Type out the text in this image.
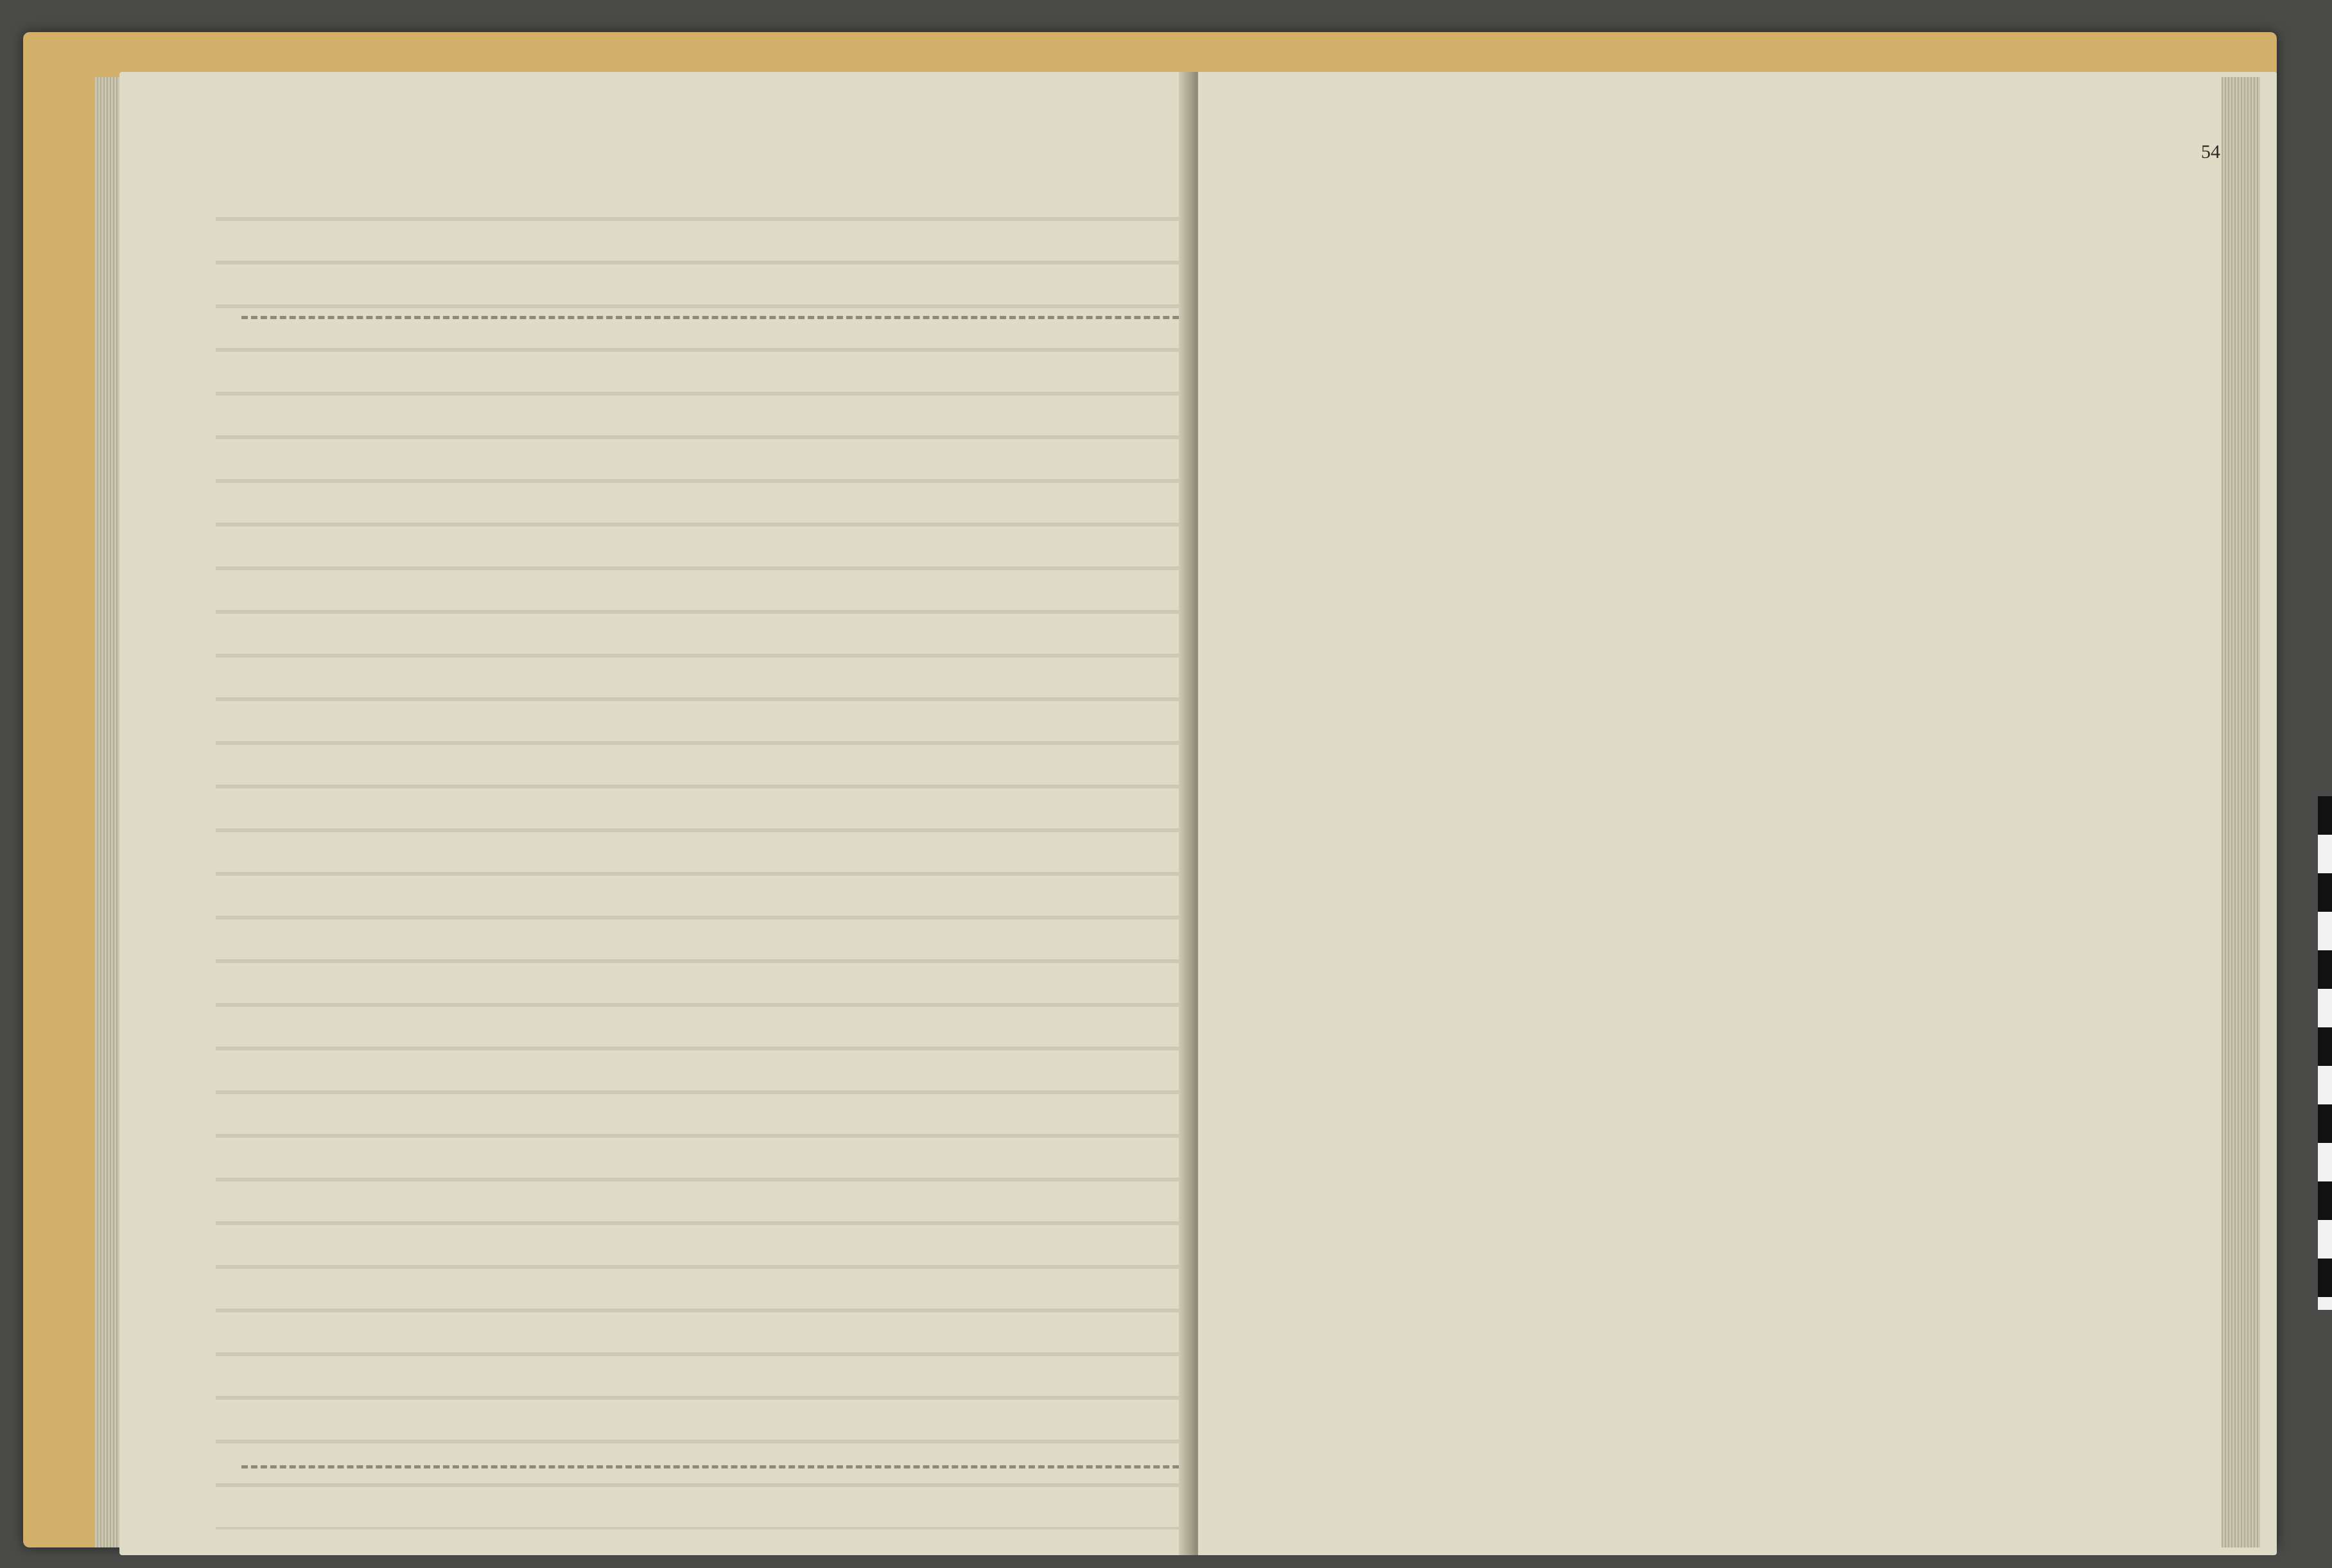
54
